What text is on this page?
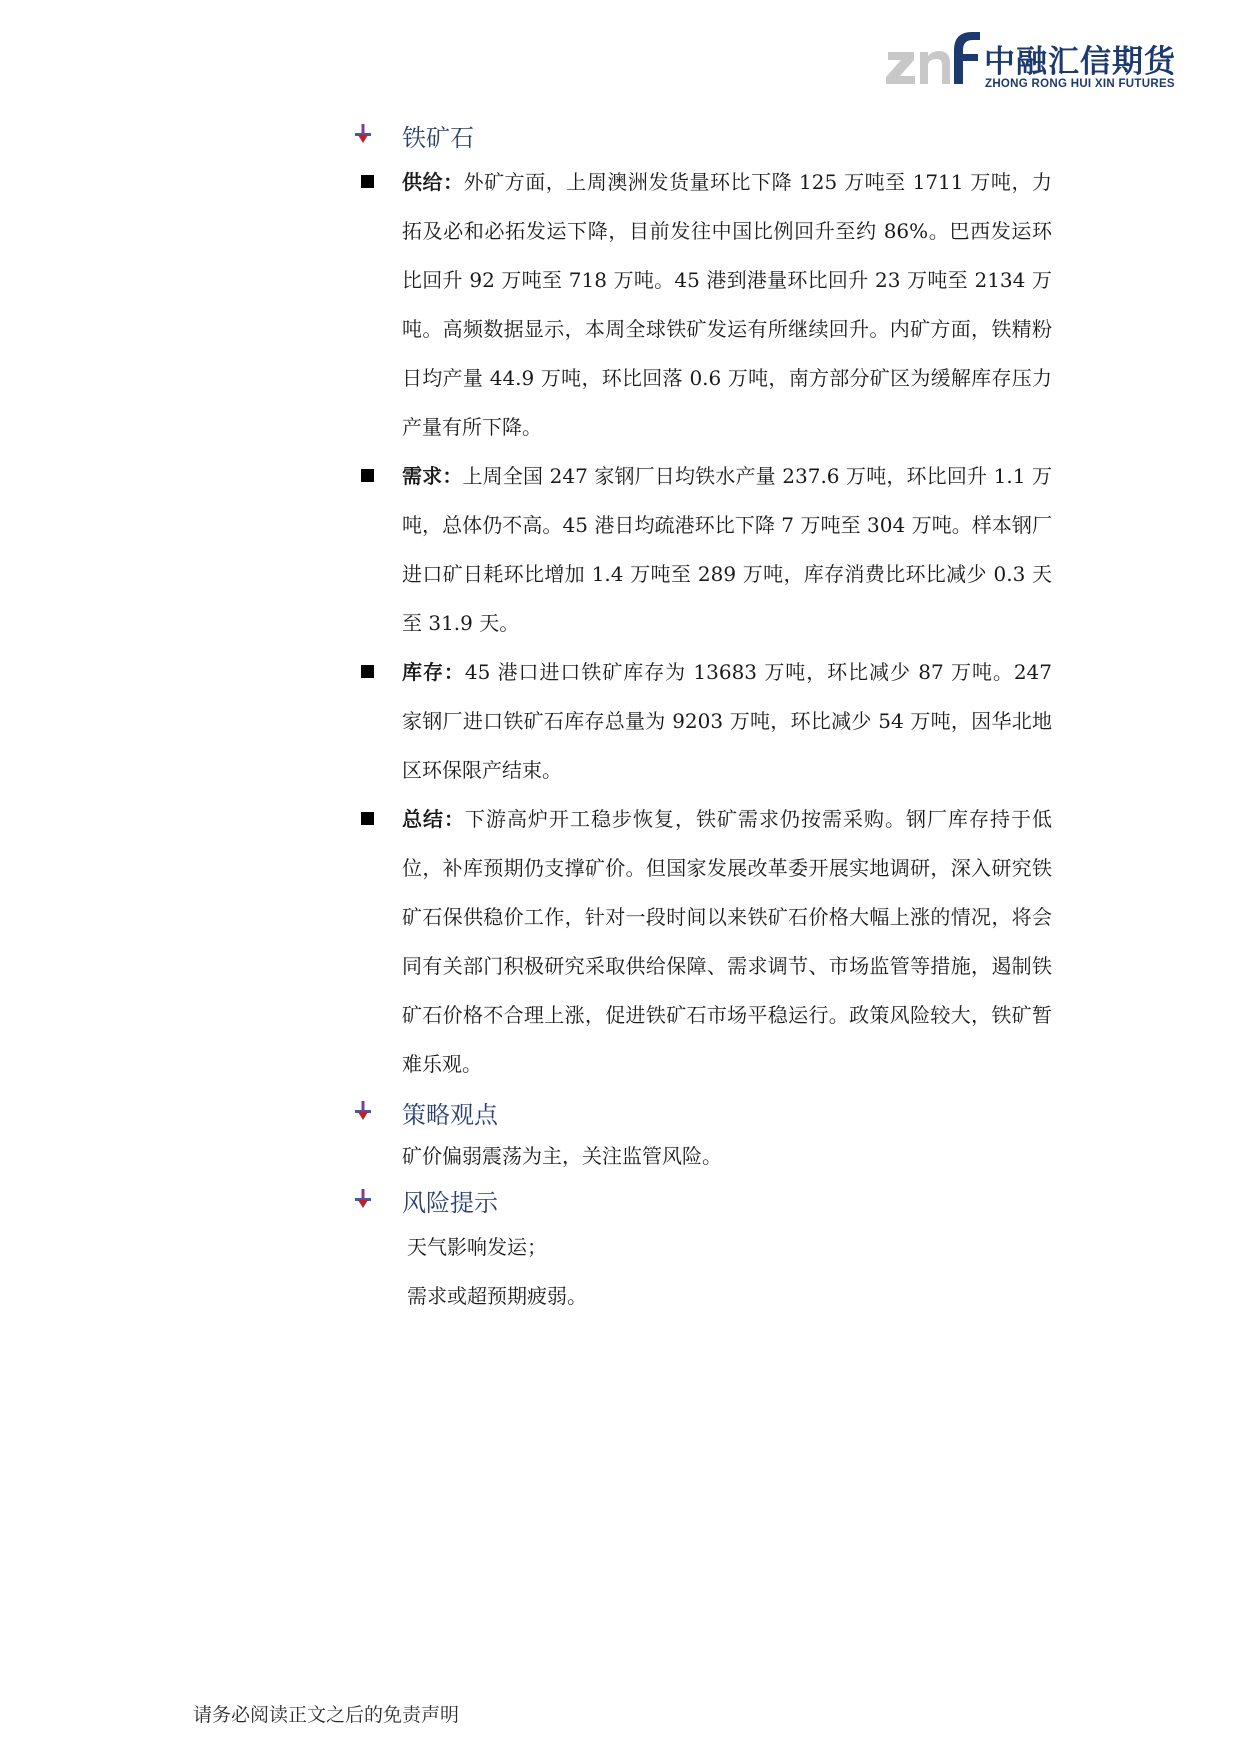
中融汇信期货
ZHONG RONG HUI XIN FUTURES
铁矿石

供给：外矿方面，上周澳洲发货量环比下降 125 万吨至 1711 万吨，力拓及必和必拓发运下降，目前发往中国比例回升至约 86%。巴西发运环比回升 92 万吨至 718 万吨。45 港到港量环比回升 23 万吨至 2134 万吨。高频数据显示，本周全球铁矿发运有所继续回升。内矿方面，铁精粉日均产量 44.9 万吨，环比回落 0.6 万吨，南方部分矿区为缓解库存压力产量有所下降。

需求：上周全国 247 家钢厂日均铁水产量 237.6 万吨，环比回升 1.1 万吨，总体仍不高。45 港日均疏港环比下降 7 万吨至 304 万吨。样本钢厂进口矿日耗环比增加 1.4 万吨至 289 万吨，库存消费比环比减少 0.3 天至 31.9 天。

库存：45 港口进口铁矿库存为 13683 万吨，环比减少 87 万吨。247 家钢厂进口铁矿石库存总量为 9203 万吨，环比减少 54 万吨，因华北地区环保限产结束。

总结：下游高炉开工稳步恢复，铁矿需求仍按需采购。钢厂库存持于低位，补库预期仍支撑矿价。但国家发展改革委开展实地调研，深入研究铁矿石保供稳价工作，针对一段时间以来铁矿石价格大幅上涨的情况，将会同有关部门积极研究采取供给保障、需求调节、市场监管等措施，遏制铁矿石价格不合理上涨，促进铁矿石市场平稳运行。政策风险较大，铁矿暂难乐观。

策略观点

矿价偏弱震荡为主，关注监管风险。

风险提示
天气影响发运；
需求或超预期疲弱。
请务必阅读正文之后的免责声明
